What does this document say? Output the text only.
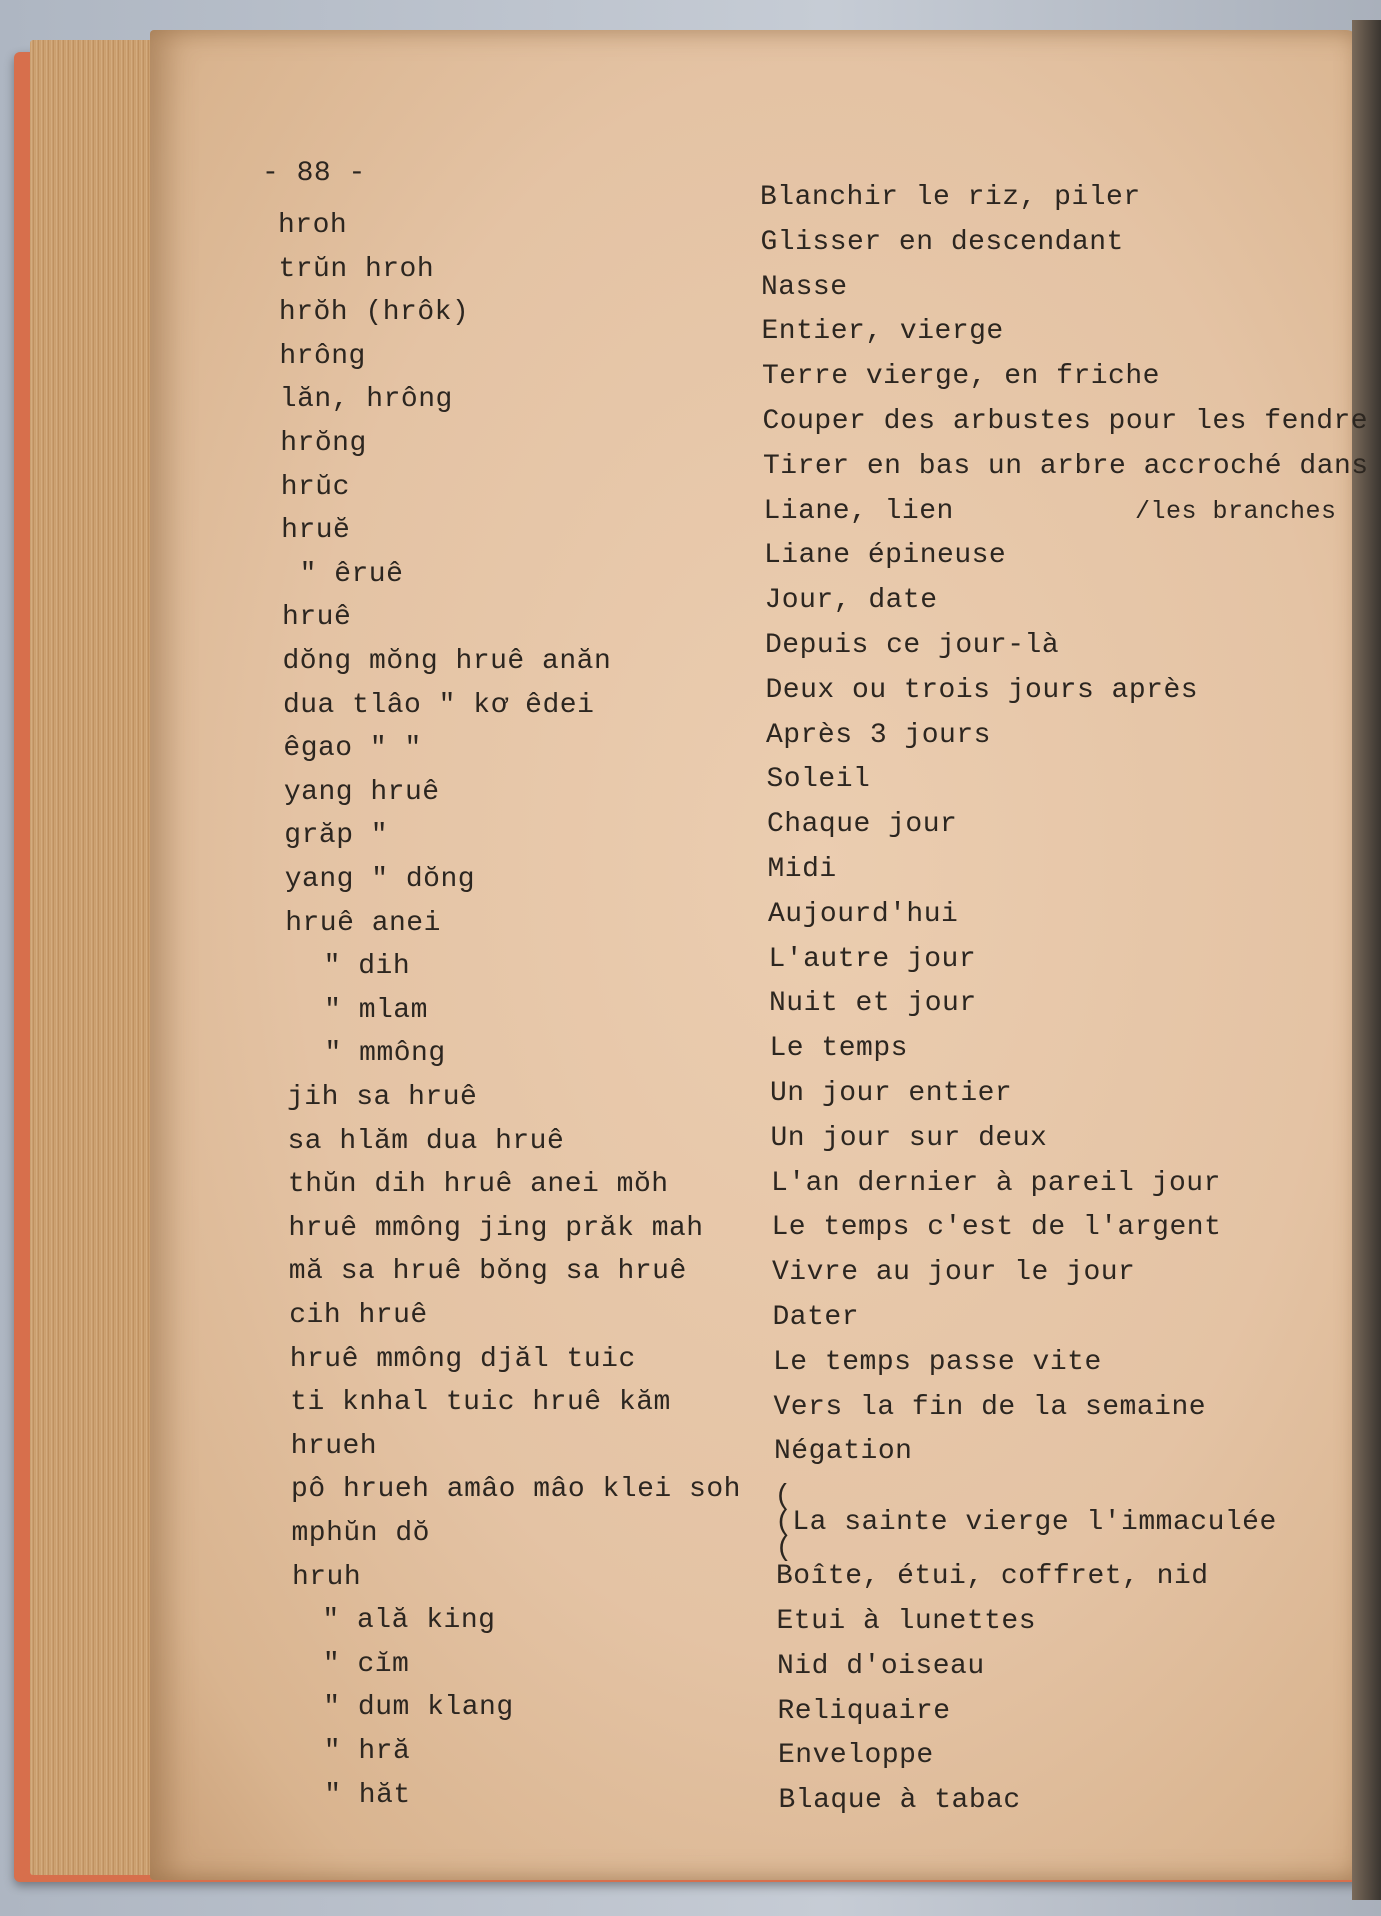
- 88 -
hroh
trŭn hroh
hrŏh (hrôk)
hrông
lăn, hrông
hrŏng
hrŭc
hruĕ
" êruê
hruê
dŏng mŏng hruê anăn
dua tlâo " kơ êdei
êgao " "
yang hruê
grăp "
yang " dŏng
hruê anei
" dih
" mlam
" mmông
jih sa hruê
sa hlăm dua hruê
thŭn dih hruê anei mŏh
hruê mmông jing prăk mah
mă sa hruê bŏng sa hruê
cih hruê
hruê mmông djăl tuic
ti knhal tuic hruê kăm
hrueh
pô hrueh amâo mâo klei soh
mphŭn dŏ
hruh
" ală king
" cĭm
" dum klang
" hră
" hăt
Blanchir le riz, piler
Glisser en descendant
Nasse
Entier, vierge
Terre vierge, en friche
Couper des arbustes pour les fendre
Tirer en bas un arbre accroché dans
Liane, lien
Liane épineuse
Jour, date
Depuis ce jour-là
Deux ou trois jours après
Après 3 jours
Soleil
Chaque jour
Midi
Aujourd'hui
L'autre jour
Nuit et jour
Le temps
Un jour entier
Un jour sur deux
L'an dernier à pareil jour
Le temps c'est de l'argent
Vivre au jour le jour
Dater
Le temps passe vite
Vers la fin de la semaine
Négation
(
(La sainte vierge l'immaculée
(
Boîte, étui, coffret, nid
Etui à lunettes
Nid d'oiseau
Reliquaire
Enveloppe
Blaque à tabac
/les branches
